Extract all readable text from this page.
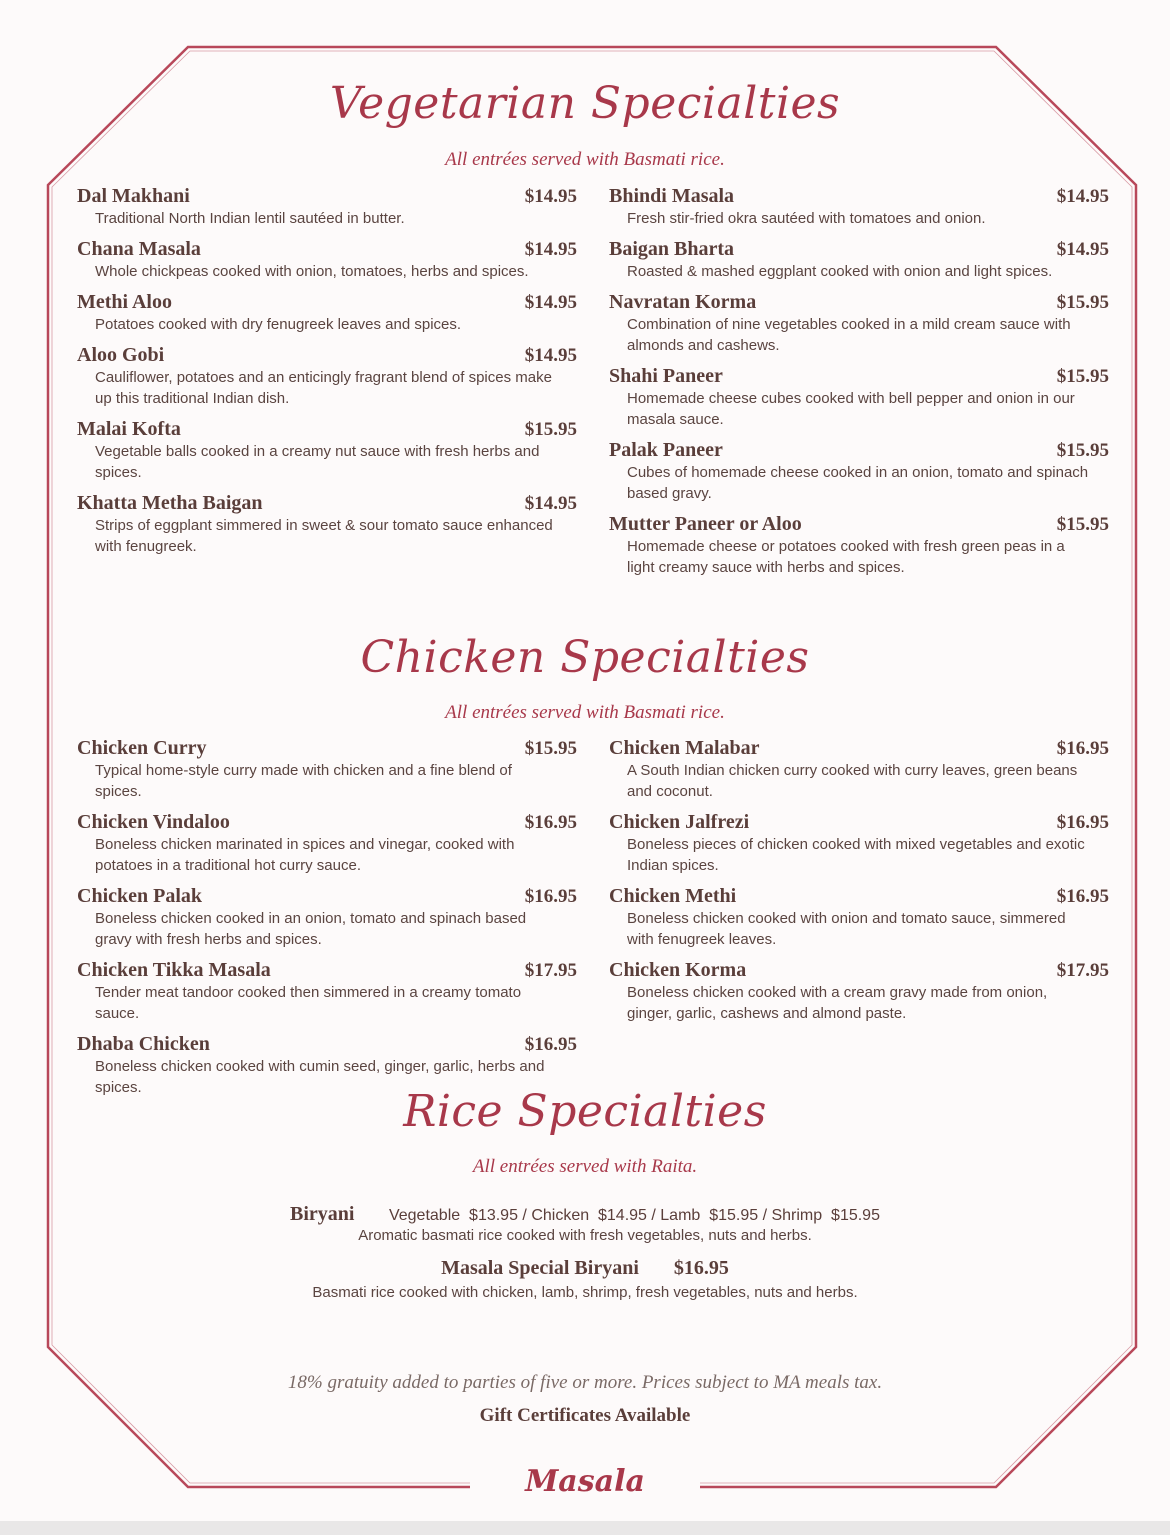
Vegetarian Specialties
All entrées served with Basmati rice.
Dal Makhani	$14.95
Traditional North Indian lentil sautéed in butter.
Chana Masala	$14.95
Whole chickpeas cooked with onion, tomatoes, herbs and spices.
Methi Aloo	$14.95
Potatoes cooked with dry fenugreek leaves and spices.
Aloo Gobi	$14.95
Cauliflower, potatoes and an enticingly fragrant blend of spices make up this traditional Indian dish.
Malai Kofta	$15.95
Vegetable balls cooked in a creamy nut sauce with fresh herbs and spices.
Khatta Metha Baigan	$14.95
Strips of eggplant simmered in sweet & sour tomato sauce enhanced with fenugreek.
Bhindi Masala	$14.95
Fresh stir-fried okra sautéed with tomatoes and onion.
Baigan Bharta	$14.95
Roasted & mashed eggplant cooked with onion and light spices.
Navratan Korma	$15.95
Combination of nine vegetables cooked in a mild cream sauce with almonds and cashews.
Shahi Paneer	$15.95
Homemade cheese cubes cooked with bell pepper and onion in our masala sauce.
Palak Paneer	$15.95
Cubes of homemade cheese cooked in an onion, tomato and spinach based gravy.
Mutter Paneer or Aloo	$15.95
Homemade cheese or potatoes cooked with fresh green peas in a light creamy sauce with herbs and spices.
Chicken Specialties
All entrées served with Basmati rice.
Chicken Curry	$15.95
Typical home-style curry made with chicken and a fine blend of spices.
Chicken Vindaloo	$16.95
Boneless chicken marinated in spices and vinegar, cooked with potatoes in a traditional hot curry sauce.
Chicken Palak	$16.95
Boneless chicken cooked in an onion, tomato and spinach based gravy with fresh herbs and spices.
Chicken Tikka Masala	$17.95
Tender meat tandoor cooked then simmered in a creamy tomato sauce.
Dhaba Chicken	$16.95
Boneless chicken cooked with cumin seed, ginger, garlic, herbs and spices.
Chicken Malabar	$16.95
A South Indian chicken curry cooked with curry leaves, green beans and coconut.
Chicken Jalfrezi	$16.95
Boneless pieces of chicken cooked with mixed vegetables and exotic Indian spices.
Chicken Methi	$16.95
Boneless chicken cooked with onion and tomato sauce, simmered with fenugreek leaves.
Chicken Korma	$17.95
Boneless chicken cooked with a cream gravy made from onion, ginger, garlic, cashews and almond paste.
Rice Specialties
All entrées served with Raita.
Biryani Vegetable  $13.95 / Chicken  $14.95 / Lamb  $15.95 / Shrimp  $15.95
Aromatic basmati rice cooked with fresh vegetables, nuts and herbs.
Masala Special Biryani $16.95
Basmati rice cooked with chicken, lamb, shrimp, fresh vegetables, nuts and herbs.
18% gratuity added to parties of five or more. Prices subject to MA meals tax.
Gift Certificates Available
Masala
